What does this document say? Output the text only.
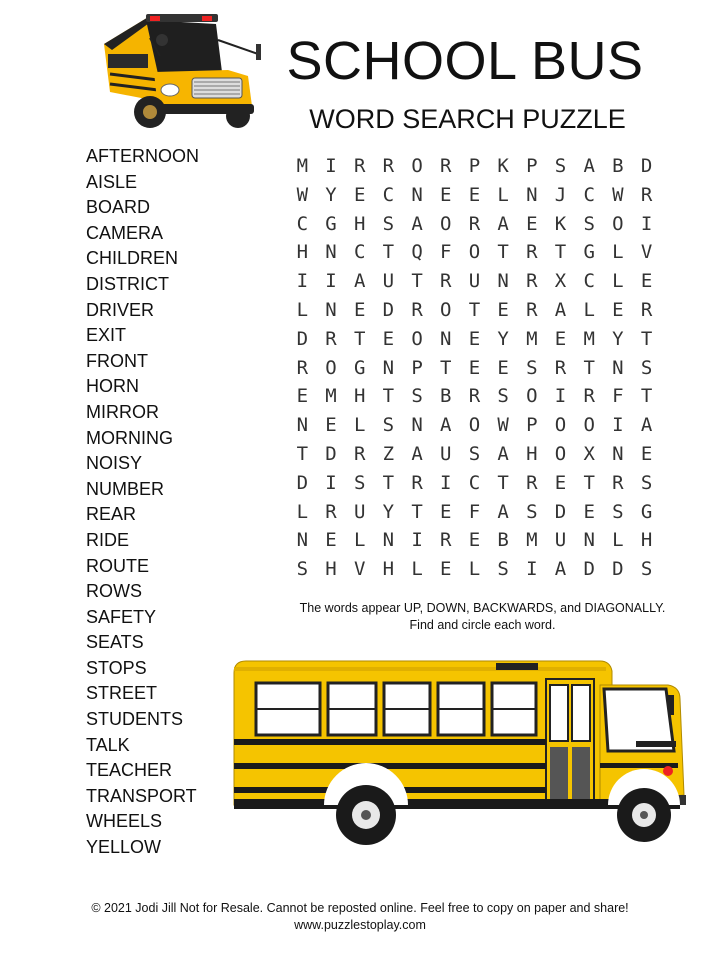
SCHOOL BUS
WORD SEARCH PUZZLE
AFTERNOON
AISLE
BOARD
CAMERA
CHILDREN
DISTRICT
DRIVER
EXIT
FRONT
HORN
MIRROR
MORNING
NOISY
NUMBER
REAR
RIDE
ROUTE
ROWS
SAFETY
SEATS
STOPS
STREET
STUDENTS
TALK
TEACHER
TRANSPORT
WHEELS
YELLOW
M I R R O R P K P S A B D
W Y E C N E E L N J C W R
C G H S A O R A E K S O I
H N C T Q F O T R T G L V
I I A U T R U N R X C L E
L N E D R O T E R A L E R
D R T E O N E Y M E M Y T
R O G N P T E E S R T N S
E M H T S B R S O I R F T
N E L S N A O W P O O I A
T D R Z A U S A H O X N E
D I S T R I C T R E T R S
L R U Y T E F A S D E S G
N E L N I R E B M U N L H
S H V H L E L S I A D D S
The words appear UP, DOWN, BACKWARDS, and DIAGONALLY.
Find and circle each word.
© 2021 Jodi Jill Not for Resale. Cannot be reposted online. Feel free to copy on paper and share!
www.puzzlestoplay.com
